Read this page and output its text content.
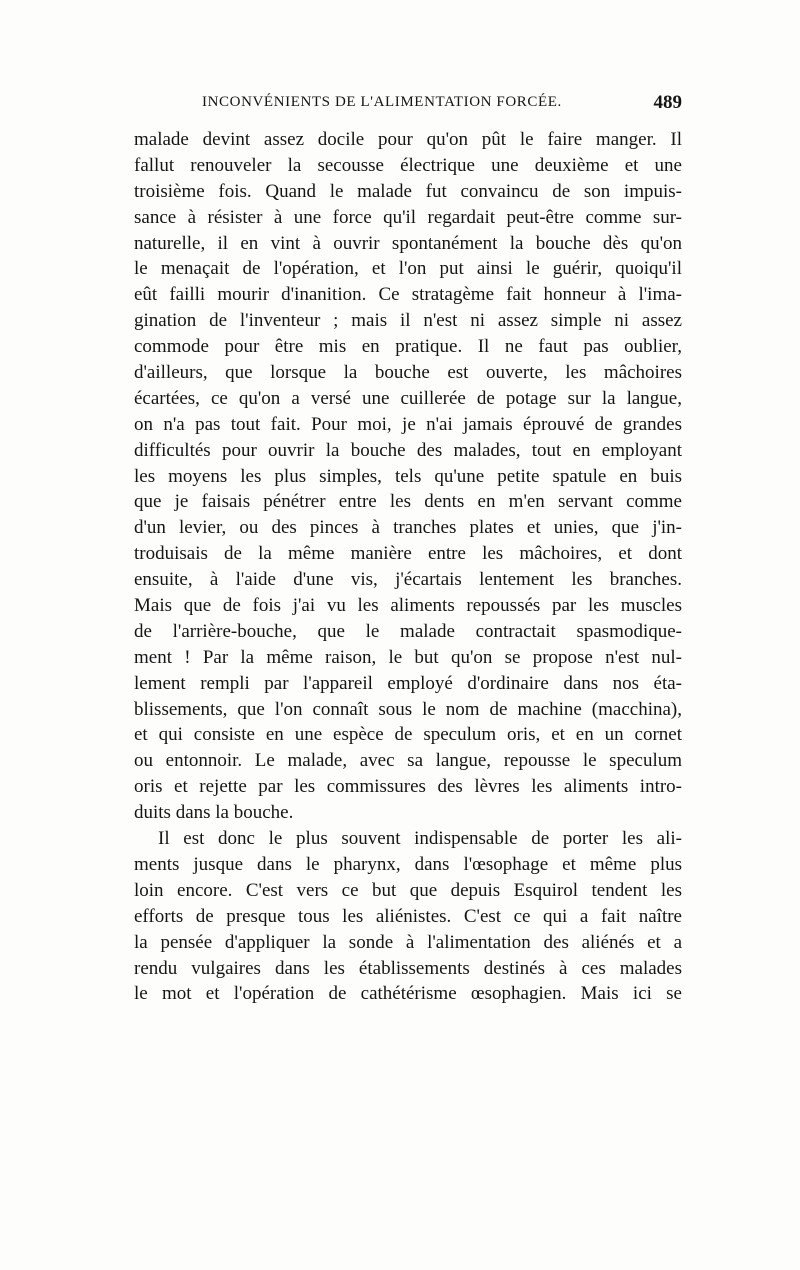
INCONVÉNIENTS DE L'ALIMENTATION FORCÉE.	489
malade devint assez docile pour qu'on pût le faire manger. Il
fallut renouveler la secousse électrique une deuxième et une
troisième fois. Quand le malade fut convaincu de son impuis-
sance à résister à une force qu'il regardait peut-être comme sur-
naturelle, il en vint à ouvrir spontanément la bouche dès qu'on
le menaçait de l'opération, et l'on put ainsi le guérir, quoiqu'il
eût failli mourir d'inanition. Ce stratagème fait honneur à l'ima-
gination de l'inventeur ; mais il n'est ni assez simple ni assez
commode pour être mis en pratique. Il ne faut pas oublier,
d'ailleurs, que lorsque la bouche est ouverte, les mâchoires
écartées, ce qu'on a versé une cuillerée de potage sur la langue,
on n'a pas tout fait. Pour moi, je n'ai jamais éprouvé de grandes
difficultés pour ouvrir la bouche des malades, tout en employant
les moyens les plus simples, tels qu'une petite spatule en buis
que je faisais pénétrer entre les dents en m'en servant comme
d'un levier, ou des pinces à tranches plates et unies, que j'in-
troduisais de la même manière entre les mâchoires, et dont
ensuite, à l'aide d'une vis, j'écartais lentement les branches.
Mais que de fois j'ai vu les aliments repoussés par les muscles
de l'arrière-bouche, que le malade contractait spasmodique-
ment ! Par la même raison, le but qu'on se propose n'est nul-
lement rempli par l'appareil employé d'ordinaire dans nos éta-
blissements, que l'on connaît sous le nom de machine (macchina),
et qui consiste en une espèce de speculum oris, et en un cornet
ou entonnoir. Le malade, avec sa langue, repousse le speculum
oris et rejette par les commissures des lèvres les aliments intro-
duits dans la bouche.
Il est donc le plus souvent indispensable de porter les ali-
ments jusque dans le pharynx, dans l'œsophage et même plus
loin encore. C'est vers ce but que depuis Esquirol tendent les
efforts de presque tous les aliénistes. C'est ce qui a fait naître
la pensée d'appliquer la sonde à l'alimentation des aliénés et a
rendu vulgaires dans les établissements destinés à ces malades
le mot et l'opération de cathétérisme œsophagien. Mais ici se
